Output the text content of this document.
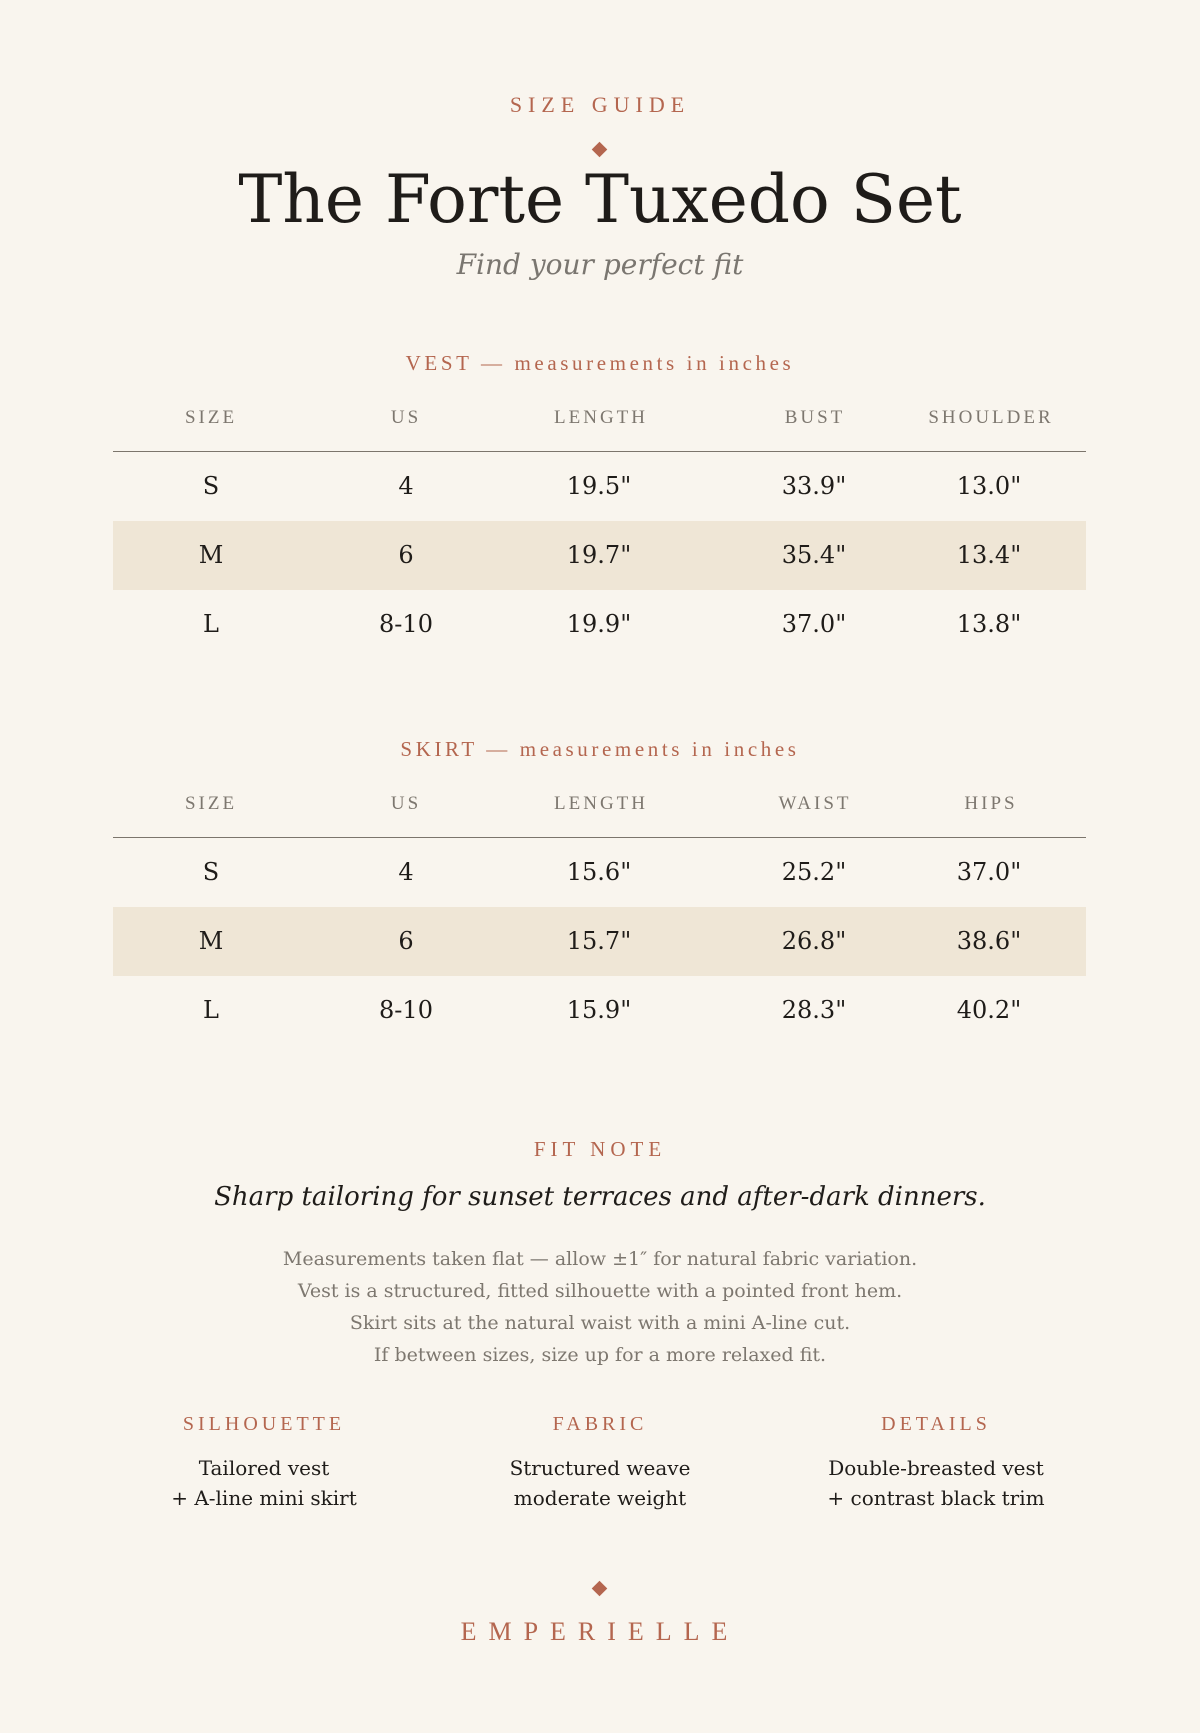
SIZE GUIDE
The Forte Tuxedo Set
Find your perfect fit
VEST — measurements in inches
SIZE	US	LENGTH	BUST	SHOULDER
S	4	19.5"	33.9"	13.0"
M	6	19.7"	35.4"	13.4"
L	8-10	19.9"	37.0"	13.8"
SKIRT — measurements in inches
SIZE	US	LENGTH	WAIST	HIPS
S	4	15.6"	25.2"	37.0"
M	6	15.7"	26.8"	38.6"
L	8-10	15.9"	28.3"	40.2"
FIT NOTE
Sharp tailoring for sunset terraces and after-dark dinners.
Measurements taken flat — allow ±1″ for natural fabric variation.
Vest is a structured, fitted silhouette with a pointed front hem.
Skirt sits at the natural waist with a mini A-line cut.
If between sizes, size up for a more relaxed fit.
SILHOUETTE
Tailored vest
+ A-line mini skirt
FABRIC
Structured weave
moderate weight
DETAILS
Double-breasted vest
+ contrast black trim
EMPERIELLE
